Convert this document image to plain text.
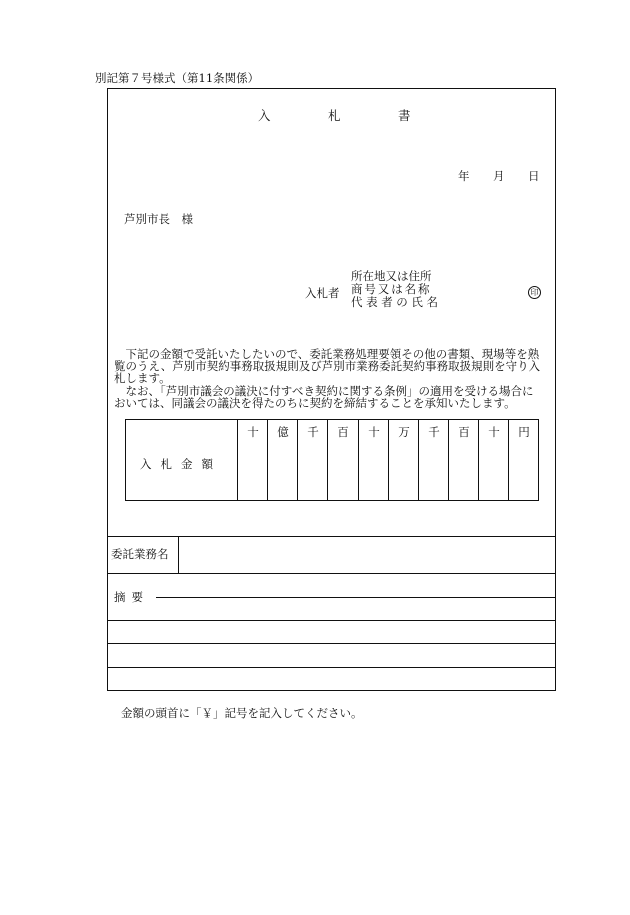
別記第７号様式（第11条関係）
入	札	書
年 月 日
芦別市長　様
入札者
所在地又は住所
商号又は名称
代表者の氏名
印

　下記の金額で受託いたしたいので、委託業務処理要領その他の書類、現場等を熟

覧のうえ、芦別市契約事務取扱規則及び芦別市業務委託契約事務取扱規則を守り入

札します。

　なお、「芦別市議会の議決に付すべき契約に関する条例」の適用を受ける場合に

おいては、同議会の議決を得たのちに契約を締結することを承知いたします。

入札金額
十	億	千	百	十	万	千	百	十	円
委託業務名
摘要
金額の頭首に「￥」記号を記入してください。
